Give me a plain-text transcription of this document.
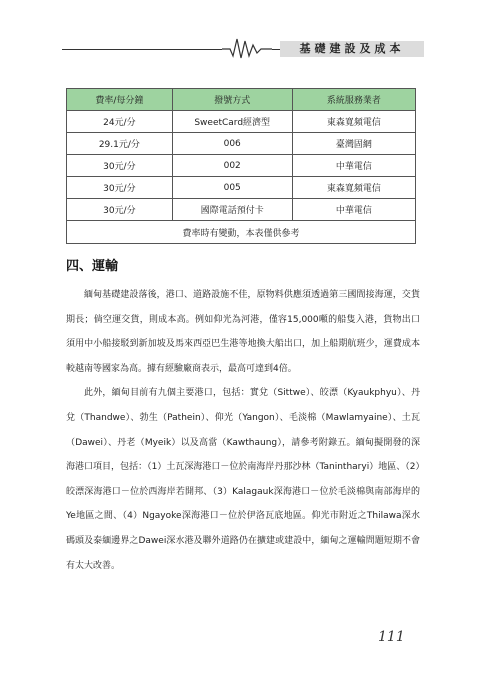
基礎建設及成本
費率/每分鐘	撥號方式	系統服務業者
24元/分	SweetCard經濟型	東森寬頻電信
29.1元/分	006	臺灣固網
30元/分	002	中華電信
30元/分	005	東森寬頻電信
30元/分	國際電話預付卡	中華電信
費率時有變動，本表僅供參考		
四、運輸

緬甸基礎建設落後，港口、道路設施不佳，原物料供應須透過第三國間接海運，交貨期長；倘空運交貨，則成本高。例如仰光為河港，僅容15,000噸的船隻入港，貨物出口須用中小船接駁到新加坡及馬來西亞巴生港等地換大船出口，加上船期航班少，運費成本較越南等國家為高。據有經驗廠商表示，最高可達到4倍。

此外，緬甸目前有九個主要港口，包括：實兌（Sittwe）、皎漂（Kyaukphyu）、丹兌（Thandwe）、勃生（Pathein）、仰光（Yangon）、毛淡棉（Mawlamyaine）、土瓦（Dawei）、丹老（Myeik）以及高當（Kawthaung），請參考附錄五。緬甸擬開發的深海港口項目，包括：（1）土瓦深海港口－位於南海岸丹那沙林（Tanintharyi）地區、（2）皎漂深海港口－位於西海岸若開邦、（3）Kalagauk深海港口－位於毛淡棉與南部海岸的Ye地區之間、（4）Ngayoke深海港口－位於伊洛瓦底地區。仰光市附近之Thilawa深水碼頭及泰緬邊界之Dawei深水港及聯外道路仍在擴建或建設中，緬甸之運輸問題短期不會有太大改善。

111
